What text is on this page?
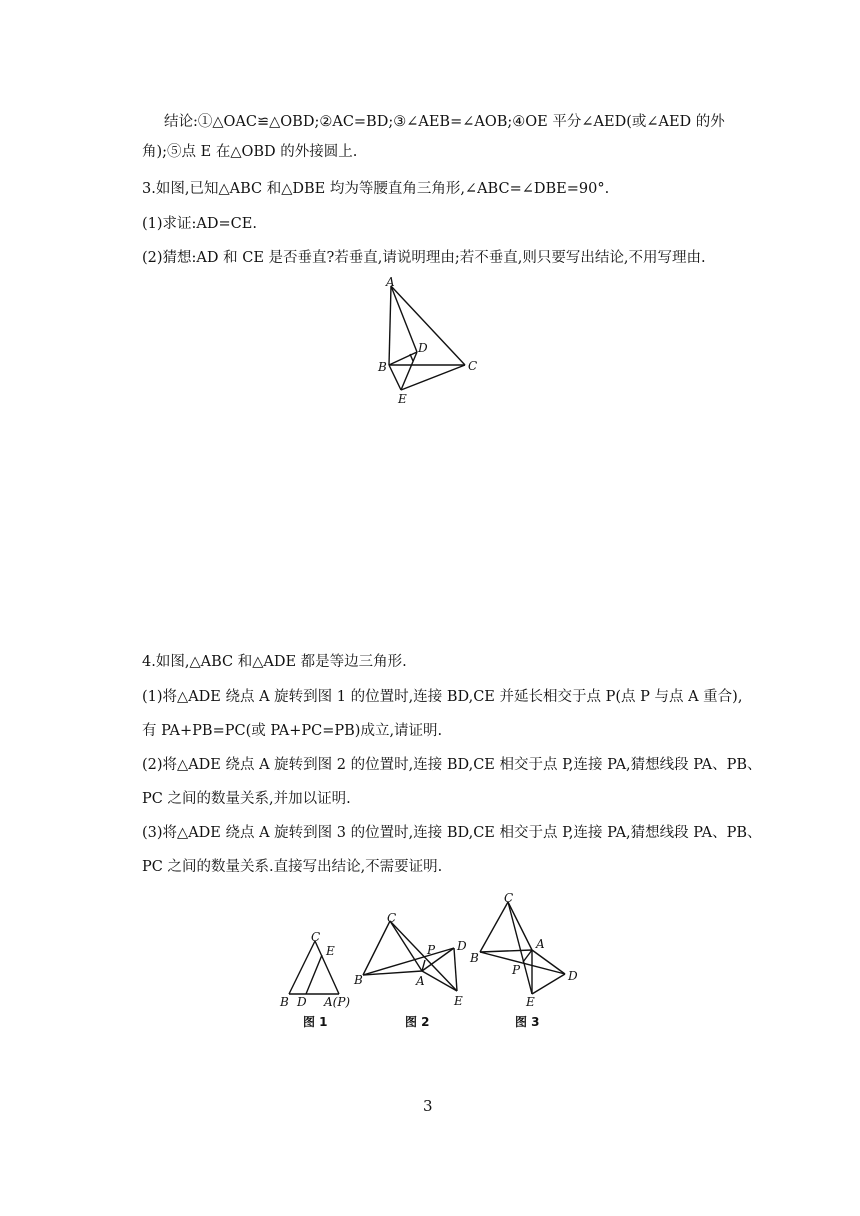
结论:①△OAC≌△OBD;②AC=BD;③∠AEB=∠AOB;④OE 平分∠AED(或∠AED 的外
角);⑤点 E 在△OBD 的外接圆上.
3.如图,已知△ABC 和△DBE 均为等腰直角三角形,∠ABC=∠DBE=90°.
(1)求证:AD=CE.
(2)猜想:AD 和 CE 是否垂直?若垂直,请说明理由;若不垂直,则只要写出结论,不用写理由.
A
B	C
D
E
4.如图,△ABC 和△ADE 都是等边三角形.
(1)将△ADE 绕点 A 旋转到图 1 的位置时,连接 BD,CE 并延长相交于点 P(点 P 与点 A 重合),
有 PA+PB=PC(或 PA+PC=PB)成立,请证明.
(2)将△ADE 绕点 A 旋转到图 2 的位置时,连接 BD,CE 相交于点 P,连接 PA,猜想线段 PA、PB、
PC 之间的数量关系,并加以证明.
(3)将△ADE 绕点 A 旋转到图 3 的位置时,连接 BD,CE 相交于点 P,连接 PA,猜想线段 PA、PB、
PC 之间的数量关系.直接写出结论,不需要证明.
C
E
B D A(P)
图 1
C
P D
B	A
E
图 2
C
A
B
P	D
E
图 3
3
